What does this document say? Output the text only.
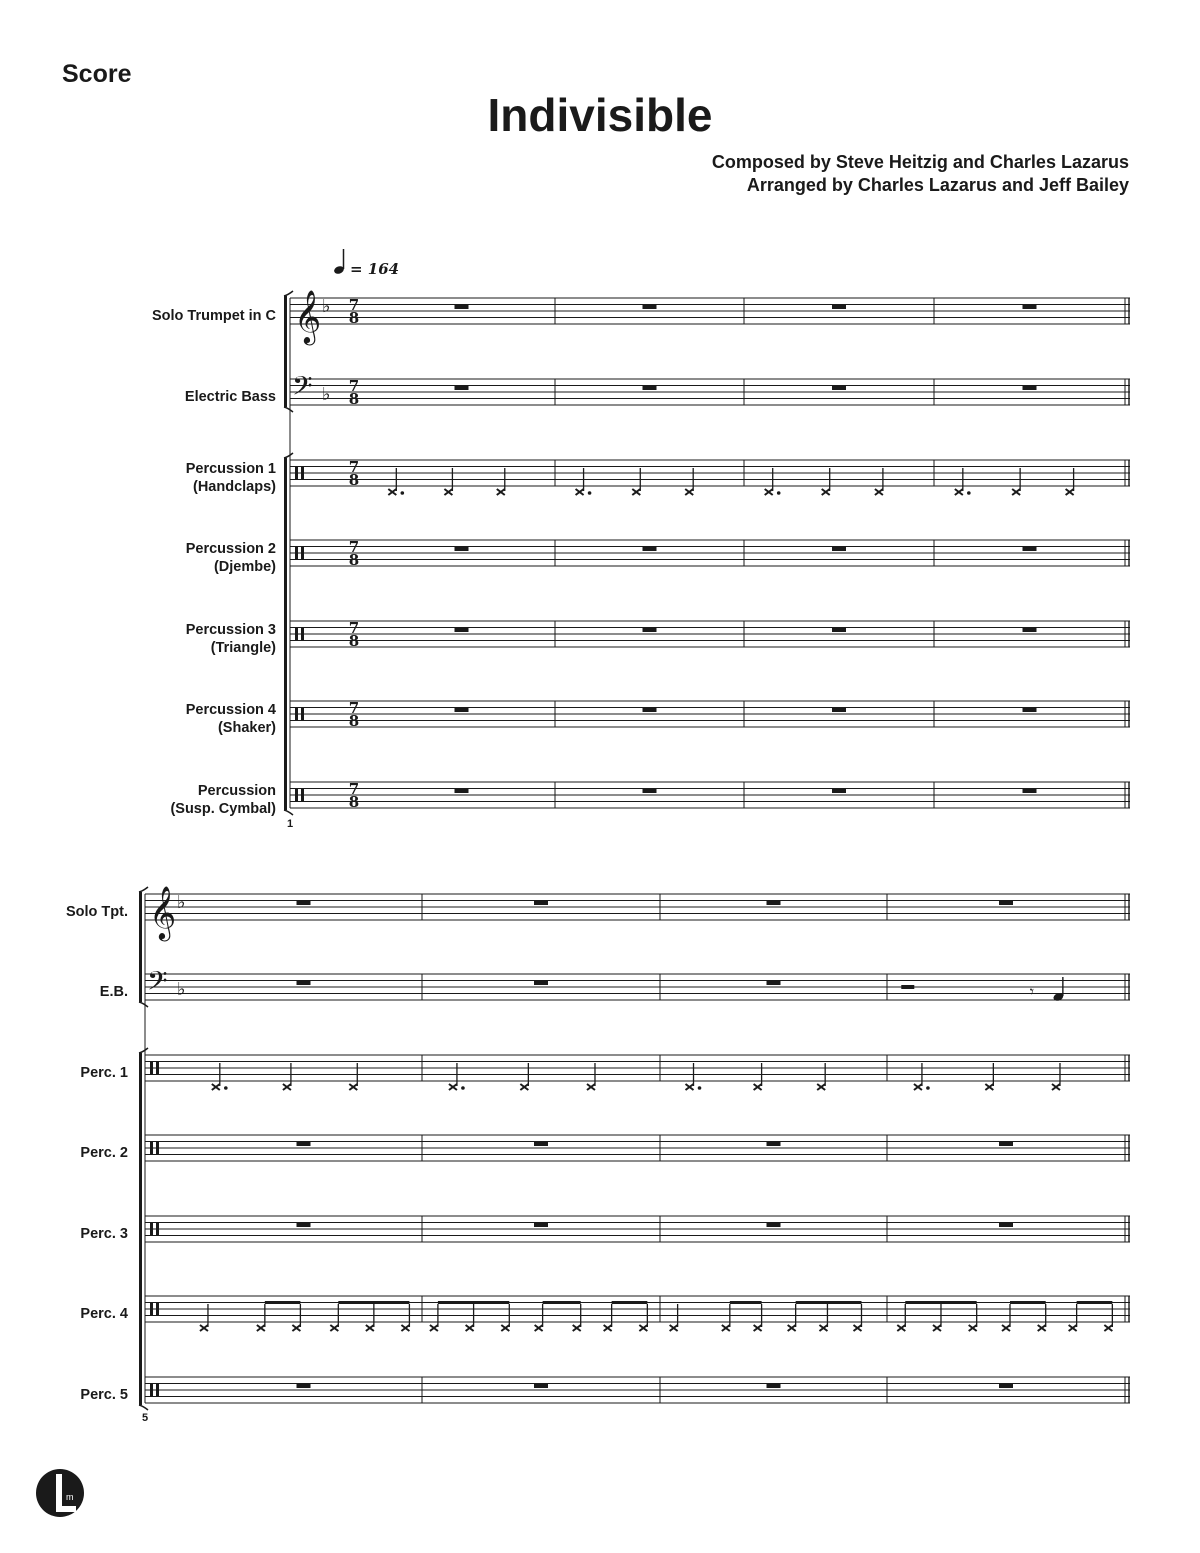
Score
Indivisible
Composed by Steve Heitzig and Charles Lazarus
Arranged by Charles Lazarus and Jeff Bailey
1
Solo Trumpet in C
Electric Bass
Percussion 1
(Handclaps)
Percussion 2
(Djembe)
Percussion 3
(Triangle)
Percussion 4
(Shaker)
Percussion
(Susp. Cymbal)
5
Solo Tpt.
E.B.
Perc. 1
Perc. 2
Perc. 3
Perc. 4
Perc. 5
= 164
𝄞 ♭ 7
8
𝄢 ♭ 7
8
7
8
7
8
7
8
7
8
7
8
𝄞 ♭
𝄢 ♭	𝄾
m
